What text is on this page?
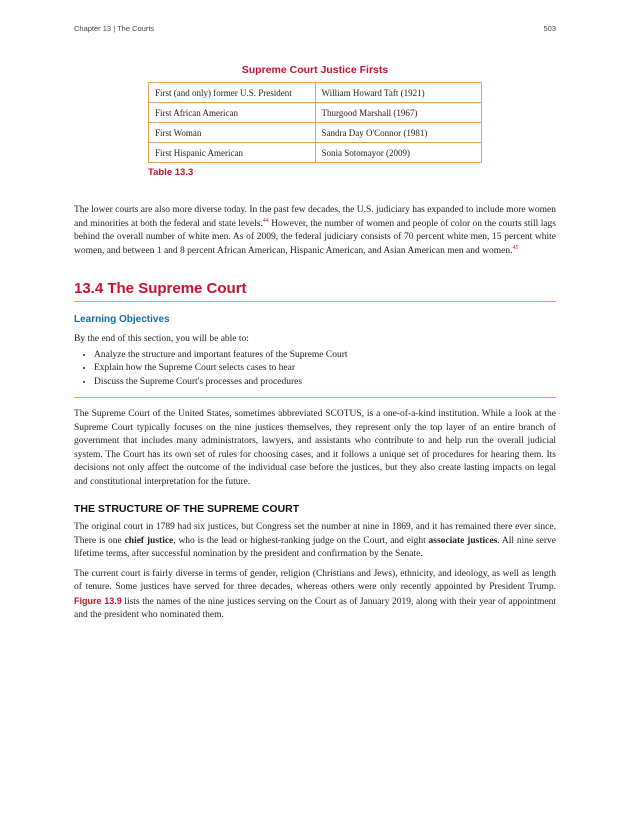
Chapter 13 | The Courts	503
Supreme Court Justice Firsts
First (and only) former U.S. President	William Howard Taft (1921)
First African American	Thurgood Marshall (1967)
First Woman	Sandra Day O'Connor (1981)
First Hispanic American	Sonia Sotomayor (2009)
Table 13.3

The lower courts are also more diverse today. In the past few decades, the U.S. judiciary has expanded to include more women and minorities at both the federal and state levels.$^{44}$ However, the number of women and people of color on the courts still lags behind the overall number of white men. As of 2009, the federal judiciary consists of 70 percent white men, 15 percent white women, and between 1 and 8 percent African American, Hispanic American, and Asian American men and women.$^{45}$

13.4 The Supreme Court
Learning Objectives
By the end of this section, you will be able to:
• Analyze the structure and important features of the Supreme Court
• Explain how the Supreme Court selects cases to hear
• Discuss the Supreme Court's processes and procedures

The Supreme Court of the United States, sometimes abbreviated SCOTUS, is a one-of-a-kind institution. While a look at the Supreme Court typically focuses on the nine justices themselves, they represent only the top layer of an entire branch of government that includes many administrators, lawyers, and assistants who contribute to and help run the overall judicial system. The Court has its own set of rules for choosing cases, and it follows a unique set of procedures for hearing them. Its decisions not only affect the outcome of the individual case before the justices, but they also create lasting impacts on legal and constitutional interpretation for the future.

THE STRUCTURE OF THE SUPREME COURT

The original court in 1789 had six justices, but Congress set the number at nine in 1869, and it has remained there ever since. There is one chief justice, who is the lead or highest-ranking judge on the Court, and eight associate justices. All nine serve lifetime terms, after successful nomination by the president and confirmation by the Senate.

The current court is fairly diverse in terms of gender, religion (Christians and Jews), ethnicity, and ideology, as well as length of tenure. Some justices have served for three decades, whereas others were only recently appointed by President Trump. Figure 13.9 lists the names of the nine justices serving on the Court as of January 2019, along with their year of appointment and the president who nominated them.
